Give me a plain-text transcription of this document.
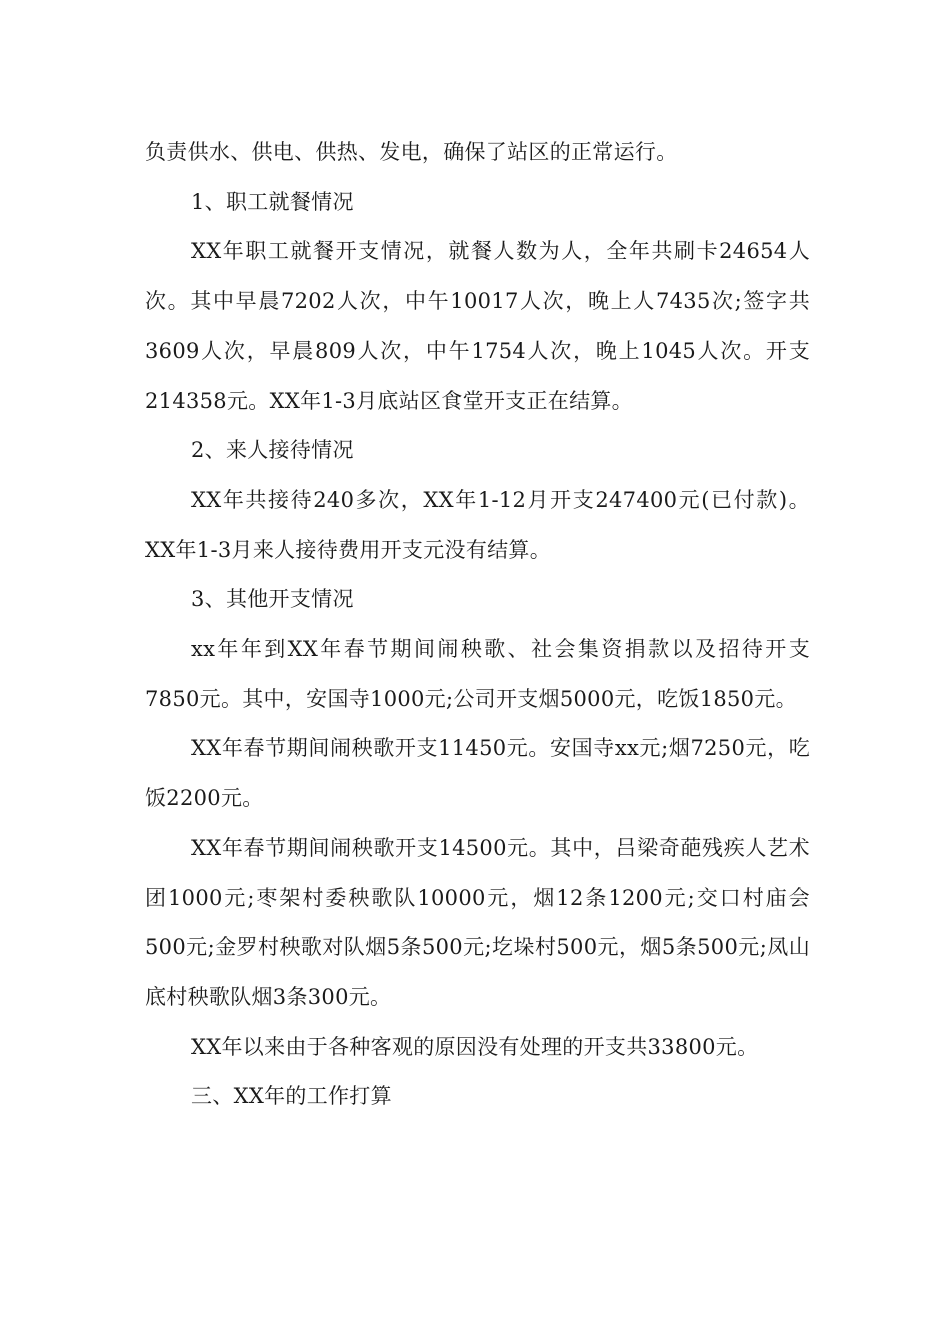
负责供水、供电、供热、发电，确保了站区的正常运行。

1、职工就餐情况

XX年职工就餐开支情况，就餐人数为人，全年共刷卡24654人次。其中早晨7202人次，中午10017人次，晚上人7435次;签字共3609人次，早晨809人次，中午1754人次，晚上1045人次。开支214358元。XX年1-3月底站区食堂开支正在结算。

2、来人接待情况

XX年共接待240多次，XX年1-12月开支247400元(已付款)。XX年1-3月来人接待费用开支元没有结算。

3、其他开支情况

xx年年到XX年春节期间闹秧歌、社会集资捐款以及招待开支7850元。其中，安国寺1000元;公司开支烟5000元，吃饭1850元。

XX年春节期间闹秧歌开支11450元。安国寺xx元;烟7250元，吃饭2200元。

XX年春节期间闹秧歌开支14500元。其中，吕梁奇葩残疾人艺术团1000元;枣架村委秧歌队10000元，烟12条1200元;交口村庙会500元;金罗村秧歌对队烟5条500元;圪垛村500元，烟5条500元;凤山底村秧歌队烟3条300元。

XX年以来由于各种客观的原因没有处理的开支共33800元。

三、XX年的工作打算
